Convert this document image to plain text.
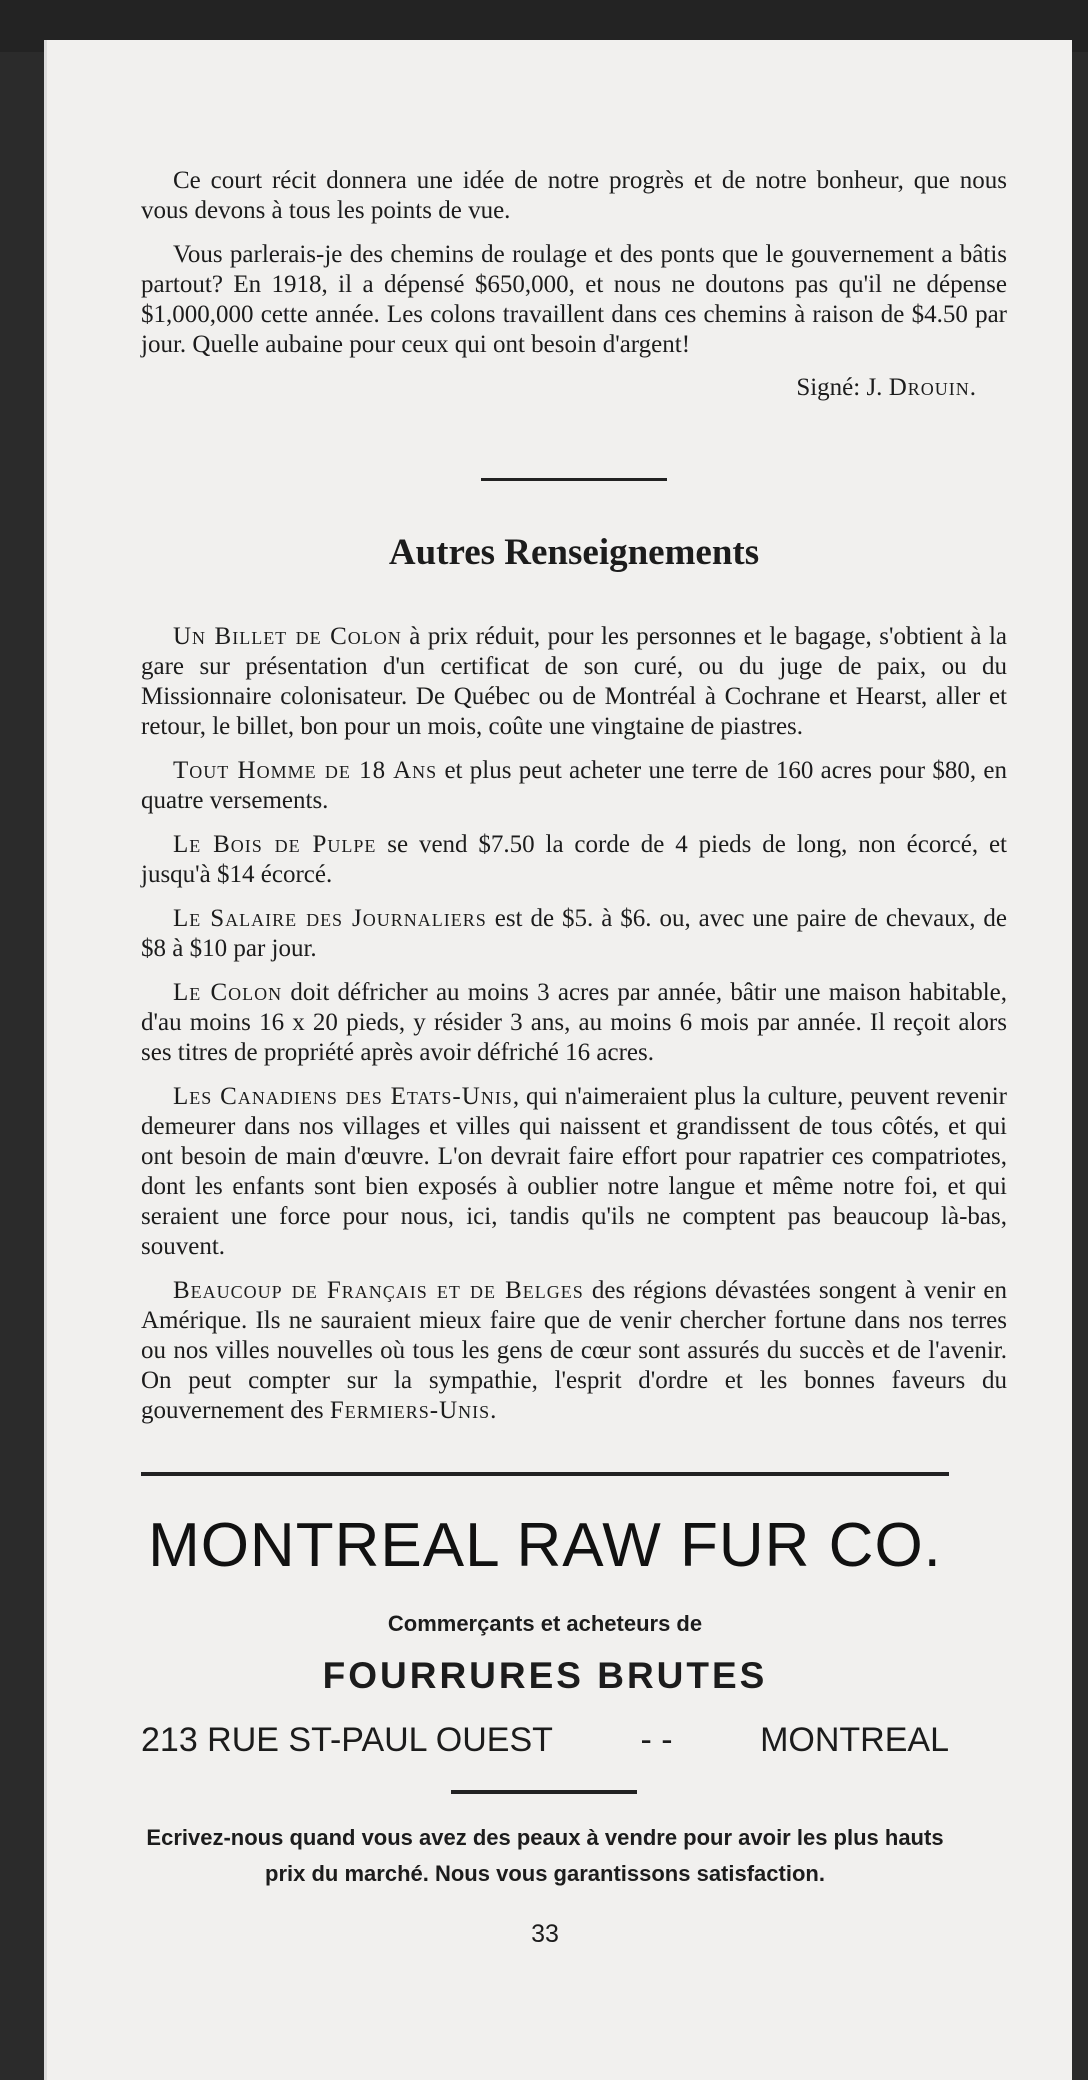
Ce court récit donnera une idée de notre progrès et de notre bonheur, que nous vous devons à tous les points de vue.

Vous parlerais-je des chemins de roulage et des ponts que le gouvernement a bâtis partout? En 1918, il a dépensé $650,000, et nous ne doutons pas qu'il ne dépense $1,000,000 cette année. Les colons travaillent dans ces chemins à raison de $4.50 par jour. Quelle aubaine pour ceux qui ont besoin d'argent!

Signé: J. Drouin.
Autres Renseignements

Un Billet de Colon à prix réduit, pour les personnes et le bagage, s'obtient à la gare sur présentation d'un certificat de son curé, ou du juge de paix, ou du Missionnaire colonisateur. De Québec ou de Montréal à Cochrane et Hearst, aller et retour, le billet, bon pour un mois, coûte une vingtaine de piastres.

Tout Homme de 18 Ans et plus peut acheter une terre de 160 acres pour $80, en quatre versements.

Le Bois de Pulpe se vend $7.50 la corde de 4 pieds de long, non écorcé, et jusqu'à $14 écorcé.

Le Salaire des Journaliers est de $5. à $6. ou, avec une paire de chevaux, de $8 à $10 par jour.

Le Colon doit défricher au moins 3 acres par année, bâtir une maison habitable, d'au moins 16 x 20 pieds, y résider 3 ans, au moins 6 mois par année. Il reçoit alors ses titres de propriété après avoir défriché 16 acres.

Les Canadiens des Etats-Unis, qui n'aimeraient plus la culture, peuvent revenir demeurer dans nos villages et villes qui naissent et grandissent de tous côtés, et qui ont besoin de main d'œuvre. L'on devrait faire effort pour rapatrier ces compatriotes, dont les enfants sont bien exposés à oublier notre langue et même notre foi, et qui seraient une force pour nous, ici, tandis qu'ils ne comptent pas beaucoup là-bas, souvent.

Beaucoup de Français et de Belges des régions dévastées songent à venir en Amérique. Ils ne sauraient mieux faire que de venir chercher fortune dans nos terres ou nos villes nouvelles où tous les gens de cœur sont assurés du succès et de l'avenir. On peut compter sur la sympathie, l'esprit d'ordre et les bonnes faveurs du gouvernement des Fermiers-Unis.

MONTREAL RAW FUR CO.
Commerçants et acheteurs de
FOURRURES BRUTES
213 RUE ST-PAUL OUEST	- -	MONTREAL
Ecrivez-nous quand vous avez des peaux à vendre pour avoir les plus hauts prix du marché. Nous vous garantissons satisfaction.
33
